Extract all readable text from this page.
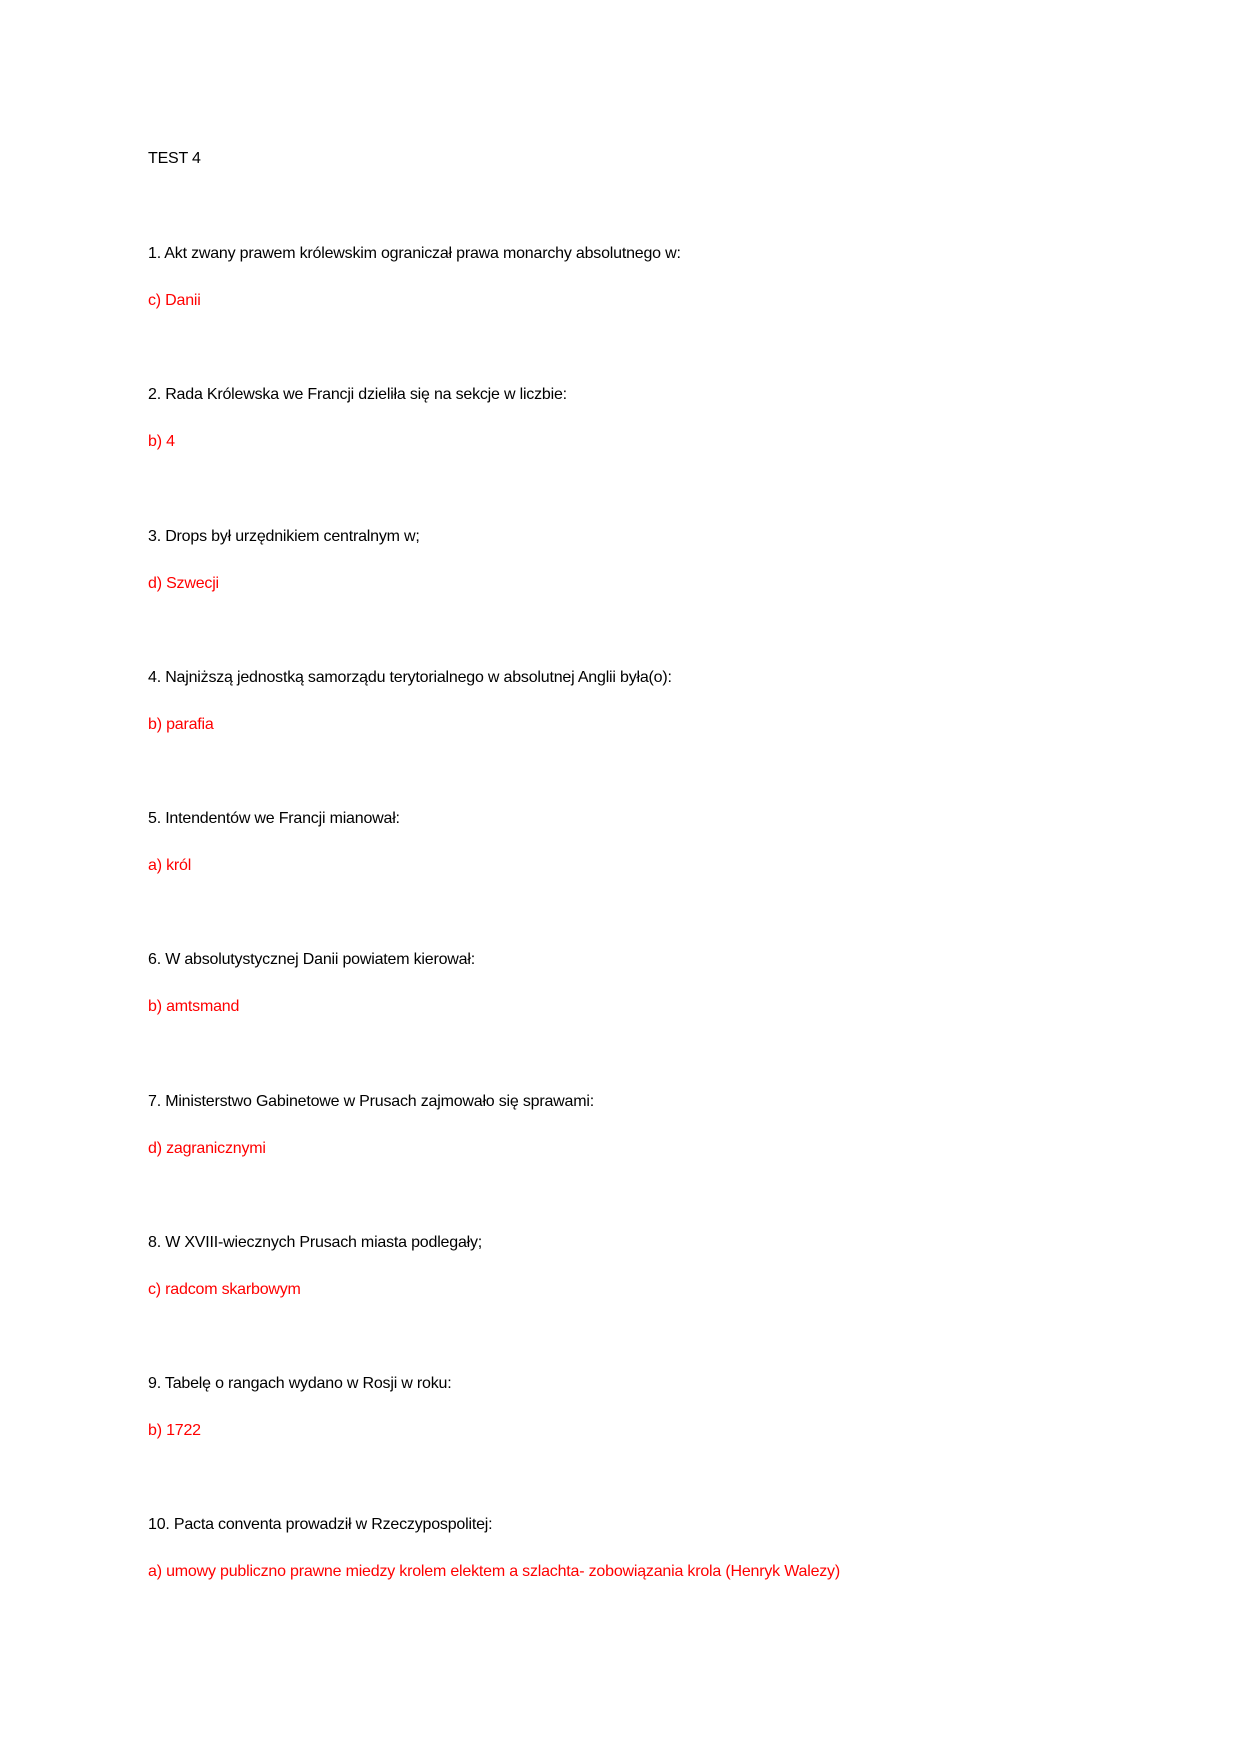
TEST 4
1. Akt zwany prawem królewskim ograniczał prawa monarchy absolutnego w:
c) Danii
2. Rada Królewska we Francji dzieliła się na sekcje w liczbie:
b) 4
3. Drops był urzędnikiem centralnym w;
d) Szwecji
4. Najniższą jednostką samorządu terytorialnego w absolutnej Anglii była(o):
b) parafia
5. Intendentów we Francji mianował:
a) król
6. W absolutystycznej Danii powiatem kierował:
b) amtsmand
7. Ministerstwo Gabinetowe w Prusach zajmowało się sprawami:
d) zagranicznymi
8. W XVIII-wiecznych Prusach miasta podlegały;
c) radcom skarbowym
9. Tabelę o rangach wydano w Rosji w roku:
b) 1722
10. Pacta conventa prowadził w Rzeczypospolitej:
a) umowy publiczno prawne miedzy krolem elektem a szlachta- zobowiązania krola (Henryk Walezy)
